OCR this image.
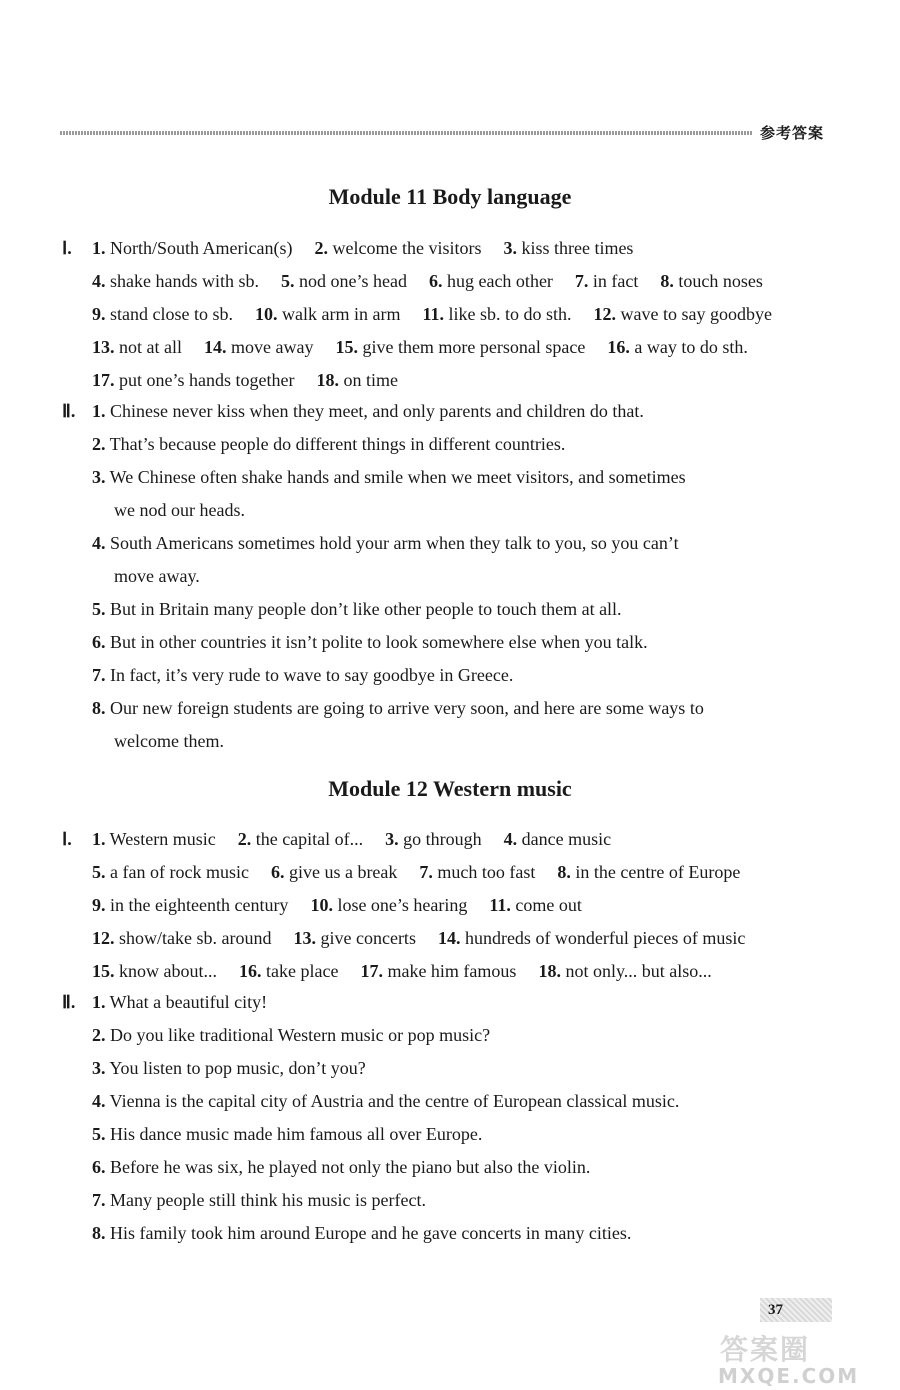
参考答案
Module 11 Body language
Ⅰ. 1. North/South American(s) 2. welcome the visitors 3. kiss three times
4. shake hands with sb. 5. nod one’s head 6. hug each other 7. in fact 8. touch noses
9. stand close to sb. 10. walk arm in arm 11. like sb. to do sth. 12. wave to say goodbye
13. not at all 14. move away 15. give them more personal space 16. a way to do sth.
17. put one’s hands together 18. on time
Ⅱ. 1. Chinese never kiss when they meet, and only parents and children do that.
2. That’s because people do different things in different countries.
3. We Chinese often shake hands and smile when we meet visitors, and sometimes
we nod our heads.
4. South Americans sometimes hold your arm when they talk to you, so you can’t
move away.
5. But in Britain many people don’t like other people to touch them at all.
6. But in other countries it isn’t polite to look somewhere else when you talk.
7. In fact, it’s very rude to wave to say goodbye in Greece.
8. Our new foreign students are going to arrive very soon, and here are some ways to
welcome them.
Module 12 Western music
Ⅰ. 1. Western music 2. the capital of... 3. go through 4. dance music
5. a fan of rock music 6. give us a break 7. much too fast 8. in the centre of Europe
9. in the eighteenth century 10. lose one’s hearing 11. come out
12. show/take sb. around 13. give concerts 14. hundreds of wonderful pieces of music
15. know about... 16. take place 17. make him famous 18. not only... but also...
Ⅱ. 1. What a beautiful city!
2. Do you like traditional Western music or pop music?
3. You listen to pop music, don’t you?
4. Vienna is the capital city of Austria and the centre of European classical music.
5. His dance music made him famous all over Europe.
6. Before he was six, he played not only the piano but also the violin.
7. Many people still think his music is perfect.
8. His family took him around Europe and he gave concerts in many cities.
37
答案圈
MXQE.COM
